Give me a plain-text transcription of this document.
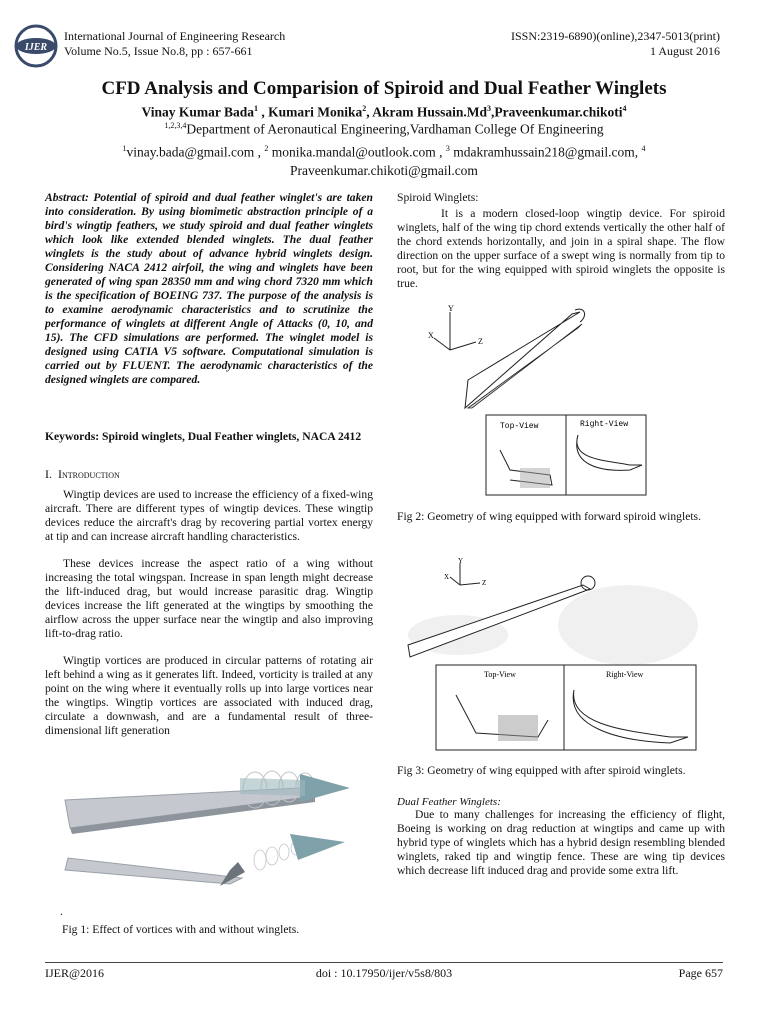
IJER
International Journal of Engineering Research
Volume No.5, Issue No.8, pp : 657-661
ISSN:2319-6890)(online),2347-5013(print)
1 August 2016
CFD Analysis and Comparision of Spiroid and Dual Feather Winglets
Vinay Kumar Bada$^1$ , Kumari Monika$^2$, Akram Hussain.Md$^3$,Praveenkumar.chikoti$^4$
$^{1,2,3,4}$Department of Aeronautical Engineering,Vardhaman College Of Engineering
$^1$vinay.bada@gmail.com , $^2$ monika.mandal@outlook.com , $^3$ mdakramhussain218@gmail.com, $^4$
Praveenkumar.chikoti@gmail.com
Abstract: Potential of spiroid and dual feather winglet's are taken into consideration. By using biomimetic abstraction principle of a bird's wingtip feathers, we study spiroid and dual feather winglets which look like extended blended winglets. The dual feather winglets is the study about of advance hybrid winglets design. Considering NACA 2412 airfoil, the wing and winglets have been generated of wing span 28350 mm and wing chord 7320 mm which is the specification of BOEING 737. The purpose of the analysis is to examine aerodynamic characteristics and to scrutinize the performance of winglets at different Angle of Attacks (0, 10, and 15). The CFD simulations are performed. The winglet model is designed using CATIA V5 software. Computational simulation is carried out by FLUENT. The aerodynamic characteristics of the designed winglets are compared.
Keywords: Spiroid winglets, Dual Feather winglets, NACA 2412
I. Introduction

Wingtip devices are used to increase the efficiency of a fixed-wing aircraft. There are different types of wingtip devices. These wingtip devices reduce the aircraft's drag by recovering partial vortex energy at tip and can increase aircraft handling characteristics.

These devices increase the aspect ratio of a wing without increasing the total wingspan. Increase in span length might decrease the lift-induced drag, but would increase parasitic drag. Wingtip devices increase the lift generated at the wingtips by smoothing the airflow across the upper surface near the wingtip and also improving lift-to-drag ratio.

Wingtip vortices are produced in circular patterns of rotating air left behind a wing as it generates lift. Indeed, vorticity is trailed at any point on the wing where it eventually rolls up into large vortices near the wingtips. Wingtip vortices are associated with induced drag, circulate a downwash, and are a fundamental result of three-dimensional lift generation

.
Fig 1: Effect of vortices with and without winglets.
Spiroid Winglets:

It is a modern closed-loop wingtip device. For spiroid winglets, half of the wing tip chord extends vertically the other half of the chord extends horizontally, and join in a spiral shape. The flow direction on the upper surface of a swept wing is normally from tip to root, but for the wing equipped with spiroid winglets the opposite is true.

Y
X
Z
Top-View	Right-View
Fig 2: Geometry of wing equipped with forward spiroid winglets.
Y
X
Z
Top-View	Right-View
Fig 3: Geometry of wing equipped with after spiroid winglets.
Dual Feather Winglets:

Due to many challenges for increasing the efficiency of flight, Boeing is working on drag reduction at wingtips and came up with hybrid type of winglets which has a hybrid design resembling blended winglets, raked tip and wingtip fence. These are wing tip devices which decrease lift induced drag and provide some extra lift.

IJER@2016	doi : 10.17950/ijer/v5s8/803	Page 657
